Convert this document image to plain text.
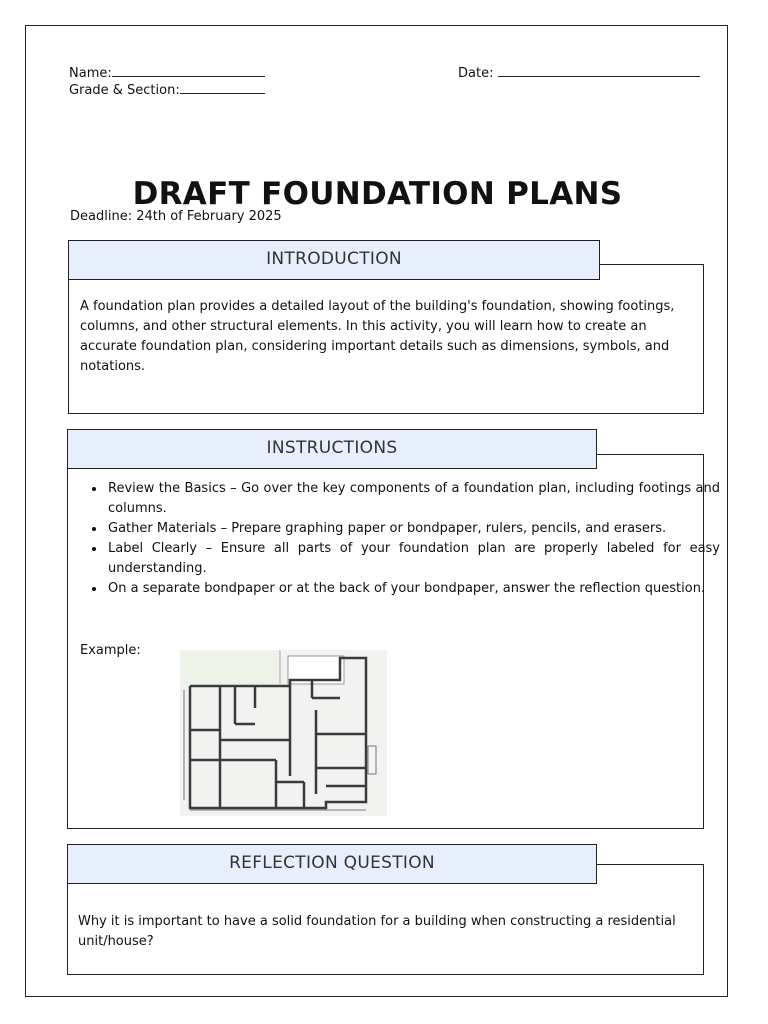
Name:
Grade & Section:
Date:
DRAFT FOUNDATION PLANS
Deadline: 24th of February 2025
INTRODUCTION
A foundation plan provides a detailed layout of the building's foundation, showing footings, columns, and other structural elements. In this activity, you will learn how to create an accurate foundation plan, considering important details such as dimensions, symbols, and notations.
INSTRUCTIONS
• Review the Basics – Go over the key components of a foundation plan, including footings and columns.
• Gather Materials – Prepare graphing paper or bondpaper, rulers, pencils, and erasers.
• Label Clearly – Ensure all parts of your foundation plan are properly labeled for easy understanding.
• On a separate bondpaper or at the back of your bondpaper, answer the reflection question.
Example:
REFLECTION QUESTION
Why it is important to have a solid foundation for a building when constructing a residential unit/house?
